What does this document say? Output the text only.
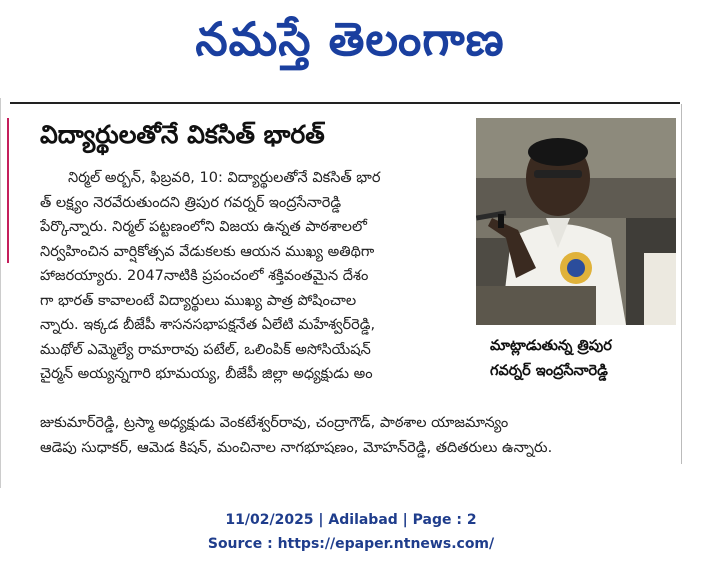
నమస్తే తెలంగాణ
విద్యార్థులతోనే వికసిత్ భారత్
నిర్మల్ అర్బన్, ఫిబ్రవరి, 10: విద్యార్థులతోనే వికసిత్ భార
త్ లక్ష్యం నెరవేరుతుందని త్రిపుర గవర్నర్ ఇంద్రసేనారెడ్డి
పేర్కొన్నారు. నిర్మల్ పట్టణంలోని విజయ ఉన్నత పాఠశాలలో
నిర్వహించిన వార్షికోత్సవ వేడుకలకు ఆయన ముఖ్య అతిథిగా
హాజరయ్యారు. 2047నాటికి ప్రపంచంలో శక్తివంతమైన దేశం
గా భారత్ కావాలంటే విద్యార్థులు ముఖ్య పాత్ర పోషించాల
న్నారు. ఇక్కడ బీజేపీ శాసనసభాపక్షనేత ఏలేటి మహేశ్వర్‌రెడ్డి,
ముథోల్ ఎమ్మెల్యే రామారావు పటేల్, ఒలింపిక్ అసోసియేషన్
చైర్మన్ అయ్యన్నగారి భూమయ్య, బీజేపీ జిల్లా అధ్యక్షుడు అం
జుకుమార్‌రెడ్డి, ట్రస్మా అధ్యక్షుడు వెంకటేశ్వర్‌రావు, చంద్రాగౌడ్, పాఠశాల యాజమాన్యం
ఆడెపు సుధాకర్, ఆమెడ కిషన్, మంచినాల నాగభూషణం, మోహన్‌రెడ్డి, తదితరులు ఉన్నారు.
మాట్లాడుతున్న త్రిపుర
గవర్నర్ ఇంద్రసేనారెడ్డి
11/02/2025 | Adilabad | Page : 2
Source : https://epaper.ntnews.com/
